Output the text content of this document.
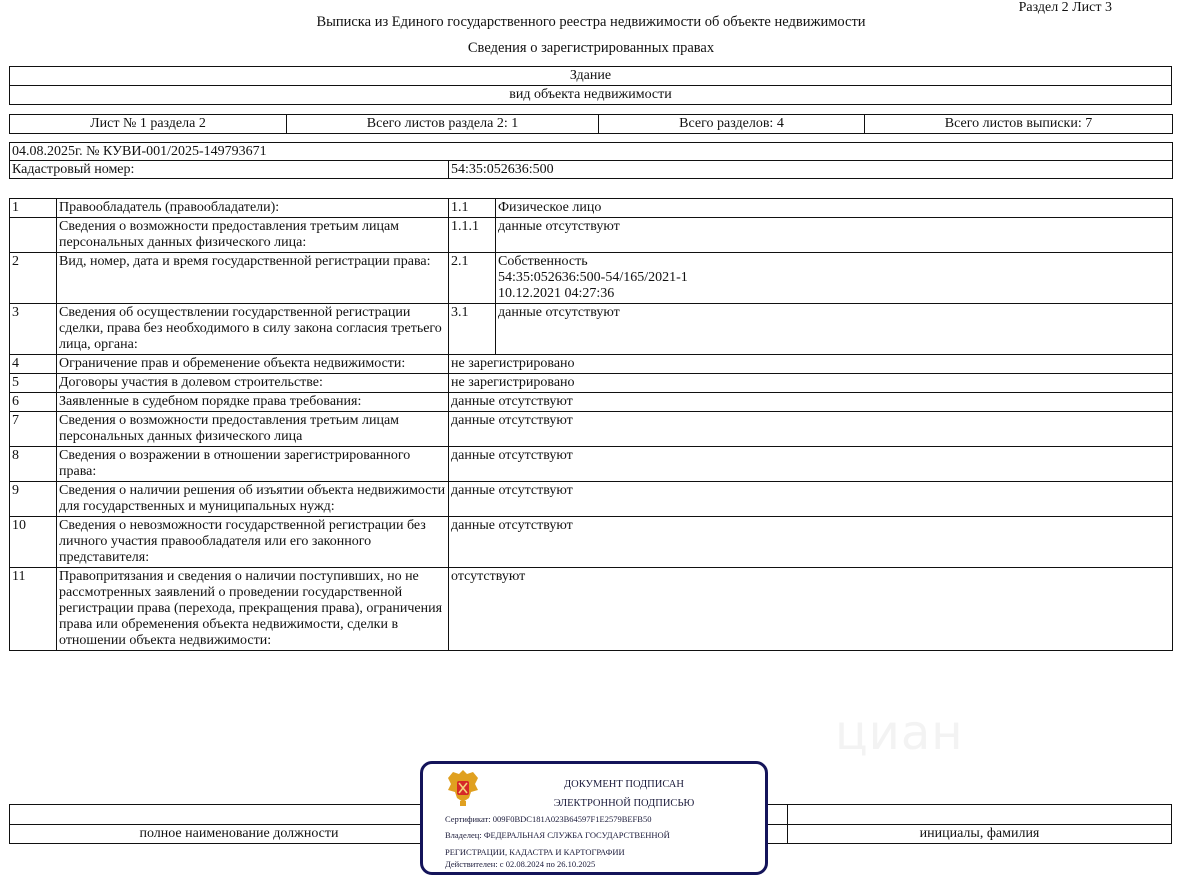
Раздел 2 Лист 3
Выписка из Единого государственного реестра недвижимости об объекте недвижимости
Сведения о зарегистрированных правах
Здание
вид объекта недвижимости
Лист № 1 раздела 2	Всего листов раздела 2: 1	Всего разделов: 4	Всего листов выписки: 7
04.08.2025г. № КУВИ-001/2025-149793671
Кадастровый номер:	54:35:052636:500
1	Правообладатель (правообладатели):	1.1	Физическое лицо
	Сведения о возможности предоставления третьим лицам персональных данных физического лица:	1.1.1	данные отсутствуют
2	Вид, номер, дата и время государственной регистрации права:	2.1	Собственность
54:35:052636:500-54/165/2021-1
10.12.2021 04:27:36

3	Сведения об осуществлении государственной регистрации сделки, права без необходимого в силу закона согласия третьего лица, органа:	3.1	данные отсутствуют
4	Ограничение прав и обременение объекта недвижимости:	не зарегистрировано	
5	Договоры участия в долевом строительстве:	не зарегистрировано	
6	Заявленные в судебном порядке права требования:	данные отсутствуют	
7	Сведения о возможности предоставления третьим лицам персональных данных физического лица	данные отсутствуют	
8	Сведения о возражении в отношении зарегистрированного права:	данные отсутствуют	
9	Сведения о наличии решения об изъятии объекта недвижимости для государственных и муниципальных нужд:	данные отсутствуют	
10	Сведения о невозможности государственной регистрации без личного участия правообладателя или его законного представителя:	данные отсутствуют	
11	Правопритязания и сведения о наличии поступивших, но не рассмотренных заявлений о проведении государственной регистрации права (перехода, прекращения права), ограничения права или обременения объекта недвижимости, сделки в отношении объекта недвижимости:	отсутствуют	
циан
полное наименование должности	инициалы, фамилия
ДОКУМЕНТ ПОДПИСАН
ЭЛЕКТРОННОЙ ПОДПИСЬЮ
Сертификат: 009F0BDC181A023B64597F1E2579BEFB50
Владелец: ФЕДЕРАЛЬНАЯ СЛУЖБА ГОСУДАРСТВЕННОЙ
РЕГИСТРАЦИИ, КАДАСТРА И КАРТОГРАФИИ
Действителен: с 02.08.2024 по 26.10.2025
